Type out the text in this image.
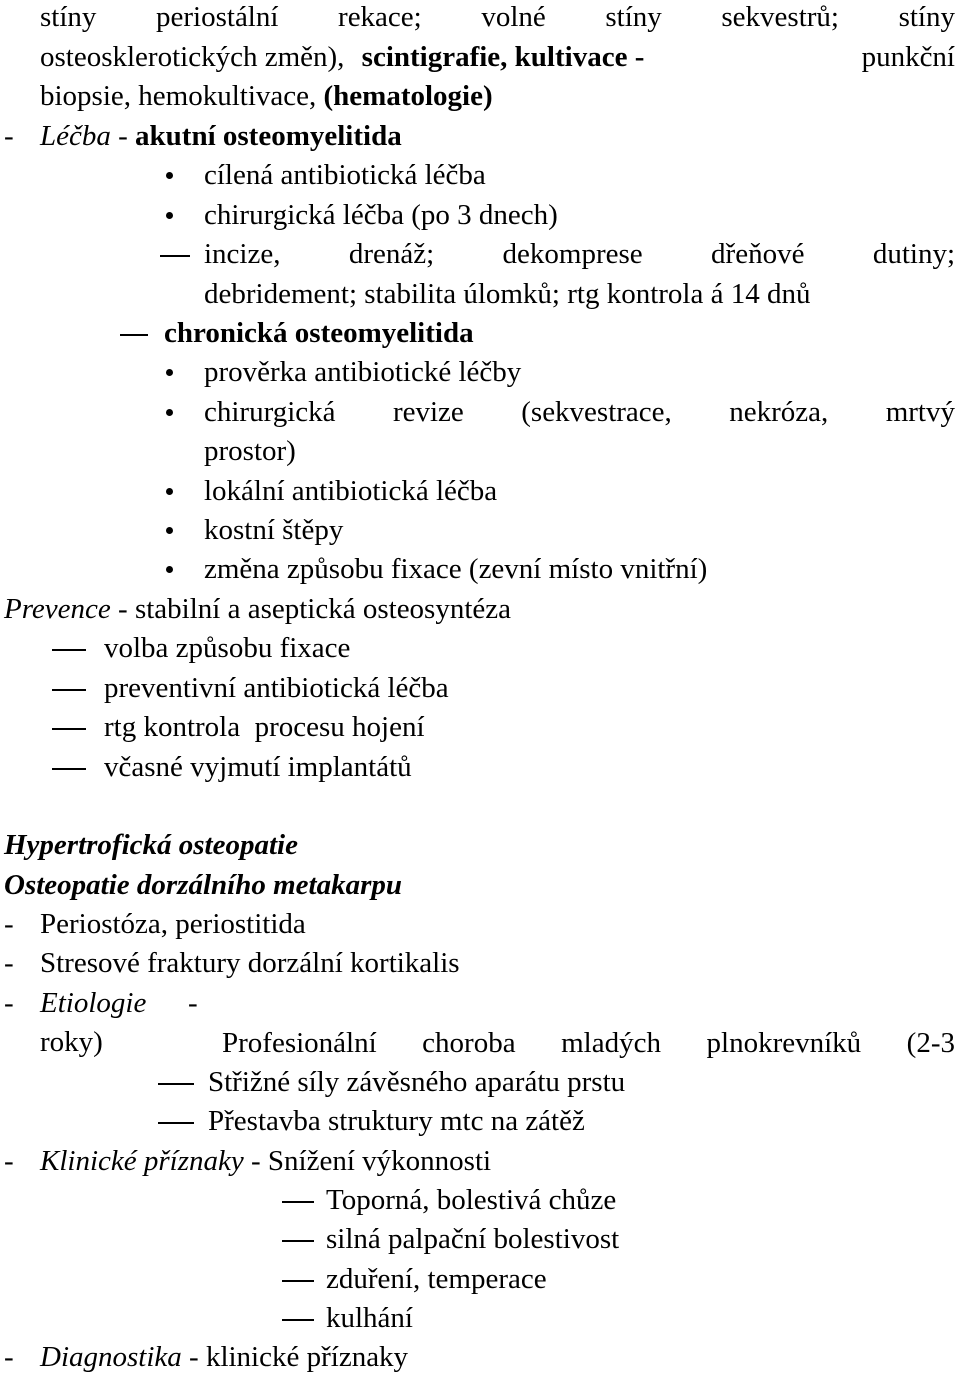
stíny periostální rekace; volné stíny sekvestrů; stíny
osteosklerotických změn), scintigrafie, kultivace -	punkční
biopsie, hemokultivace, (hematologie)
- Léčba - akutní osteomyelitida
cílená antibiotická léčba
chirurgická léčba (po 3 dnech)
incize, drenáž; dekomprese dřeňové dutiny;
debridement; stabilita úlomků; rtg kontrola á 14 dnů
chronická osteomyelitida
prověrka antibiotické léčby
chirurgická revize (sekvestrace, nekróza, mrtvý
prostor)
lokální antibiotická léčba
kostní štěpy
změna způsobu fixace (zevní místo vnitřní)
Prevence - stabilní a aseptická osteosyntéza
volba způsobu fixace
preventivní antibiotická léčba
rtg kontrola  procesu hojení
včasné vyjmutí implantátů
Hypertrofická osteopatie
Osteopatie dorzálního metakarpu
- Periostóza, periostitida
- Stresové fraktury dorzální kortikalis
- Etiologie -
Profesionální choroba mladých plnokrevníků (2-3
roky)
Střižné síly závěsného aparátu prstu
Přestavba struktury mtc na zátěž
- Klinické příznaky - Snížení výkonnosti
Toporná, bolestivá chůze
silná palpační bolestivost
zduření, temperace
kulhání
- Diagnostika - klinické příznaky
